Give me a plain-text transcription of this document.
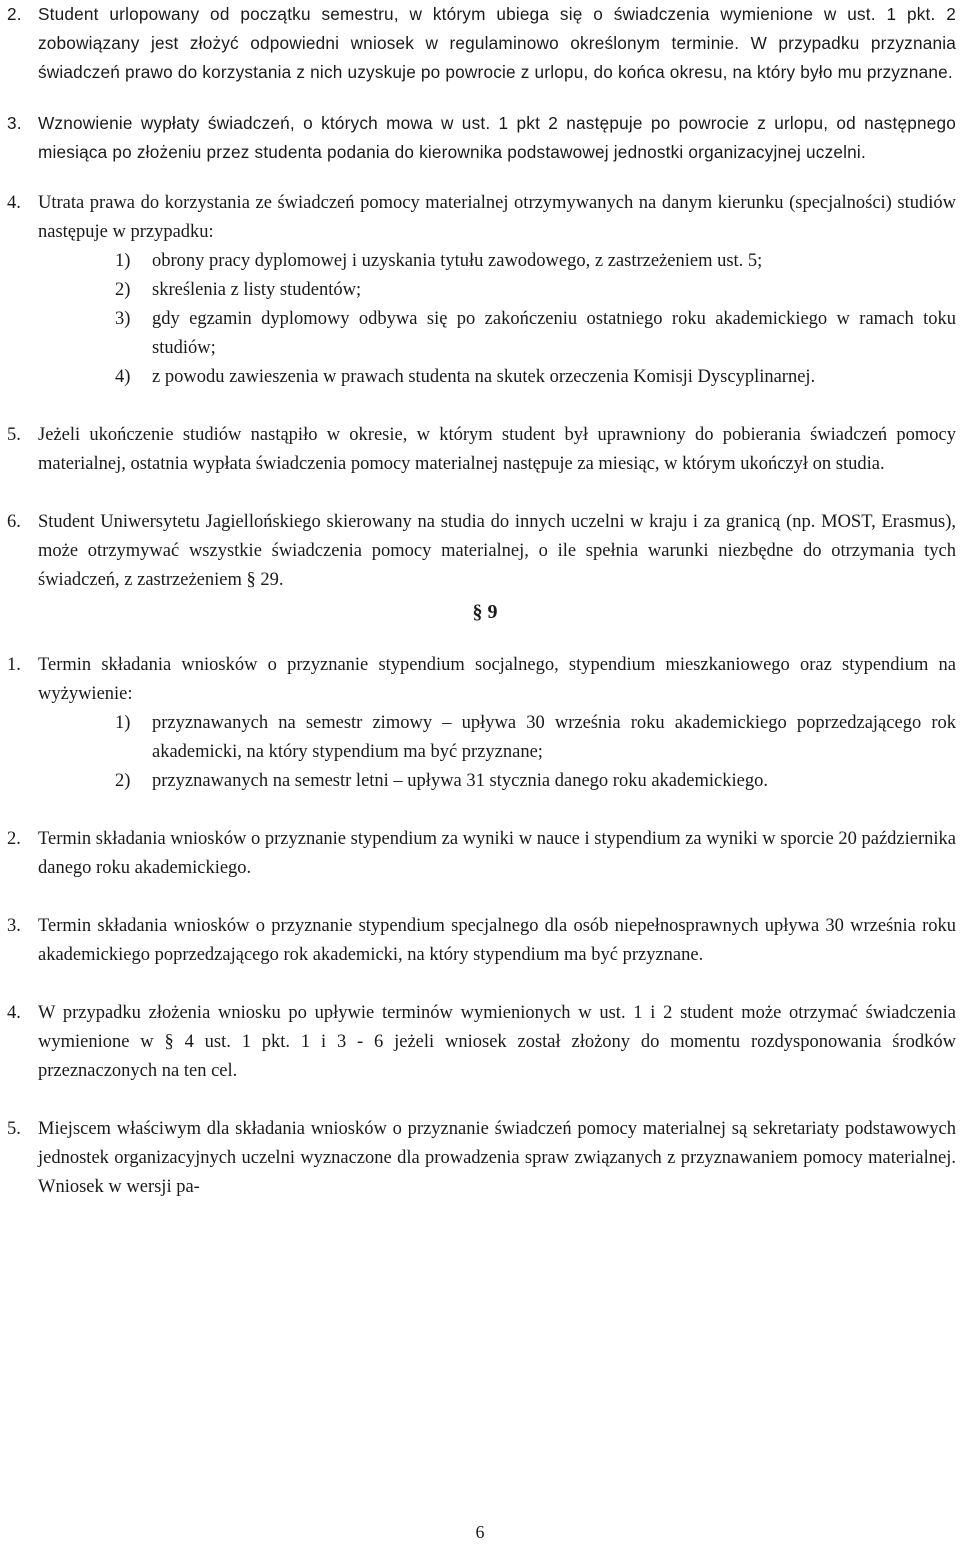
2. Student urlopowany od początku semestru, w którym ubiega się o świadczenia wymienione w ust. 1 pkt. 2 zobowiązany jest złożyć odpowiedni wniosek w regulaminowo określonym terminie. W przypadku przyznania świadczeń prawo do korzystania z nich uzyskuje po powrocie z urlopu, do końca okresu, na który było mu przyznane.
3. Wznowienie wypłaty świadczeń, o których mowa w ust. 1 pkt 2 następuje po powrocie z urlopu, od następnego miesiąca po złożeniu przez studenta podania do kierownika podstawowej jednostki organizacyjnej uczelni.
4. Utrata prawa do korzystania ze świadczeń pomocy materialnej otrzymywanych na danym kierunku (specjalności) studiów następuje w przypadku:
1) obrony pracy dyplomowej i uzyskania tytułu zawodowego, z zastrzeżeniem ust. 5;
2) skreślenia z listy studentów;
3) gdy egzamin dyplomowy odbywa się po zakończeniu ostatniego roku akademickiego w ramach toku studiów;
4) z powodu zawieszenia w prawach studenta na skutek orzeczenia Komisji Dyscyplinarnej.
5. Jeżeli ukończenie studiów nastąpiło w okresie, w którym student był uprawniony do pobierania świadczeń pomocy materialnej, ostatnia wypłata świadczenia pomocy materialnej następuje za miesiąc, w którym ukończył on studia.
6. Student Uniwersytetu Jagiellońskiego skierowany na studia do innych uczelni w kraju i za granicą (np. MOST, Erasmus), może otrzymywać wszystkie świadczenia pomocy materialnej, o ile spełnia warunki niezbędne do otrzymania tych świadczeń, z zastrzeżeniem § 29.
§ 9
1. Termin składania wniosków o przyznanie stypendium socjalnego, stypendium mieszkaniowego oraz stypendium na wyżywienie:
1) przyznawanych na semestr zimowy – upływa 30 września roku akademickiego poprzedzającego rok akademicki, na który stypendium ma być przyznane;
2) przyznawanych na semestr letni – upływa 31 stycznia danego roku akademickiego.
2. Termin składania wniosków o przyznanie stypendium za wyniki w nauce i stypendium za wyniki w sporcie 20 października danego roku akademickiego.
3. Termin składania wniosków o przyznanie stypendium specjalnego dla osób niepełnosprawnych upływa 30 września roku akademickiego poprzedzającego rok akademicki, na który stypendium ma być przyznane.
4. W przypadku złożenia wniosku po upływie terminów wymienionych w ust. 1 i 2 student może otrzymać świadczenia wymienione w § 4 ust. 1 pkt. 1 i 3 - 6 jeżeli wniosek został złożony do momentu rozdysponowania środków przeznaczonych na ten cel.
5. Miejscem właściwym dla składania wniosków o przyznanie świadczeń pomocy materialnej są sekretariaty podstawowych jednostek organizacyjnych uczelni wyznaczone dla prowadzenia spraw związanych z przyznawaniem pomocy materialnej. Wniosek w wersji pa-
6
